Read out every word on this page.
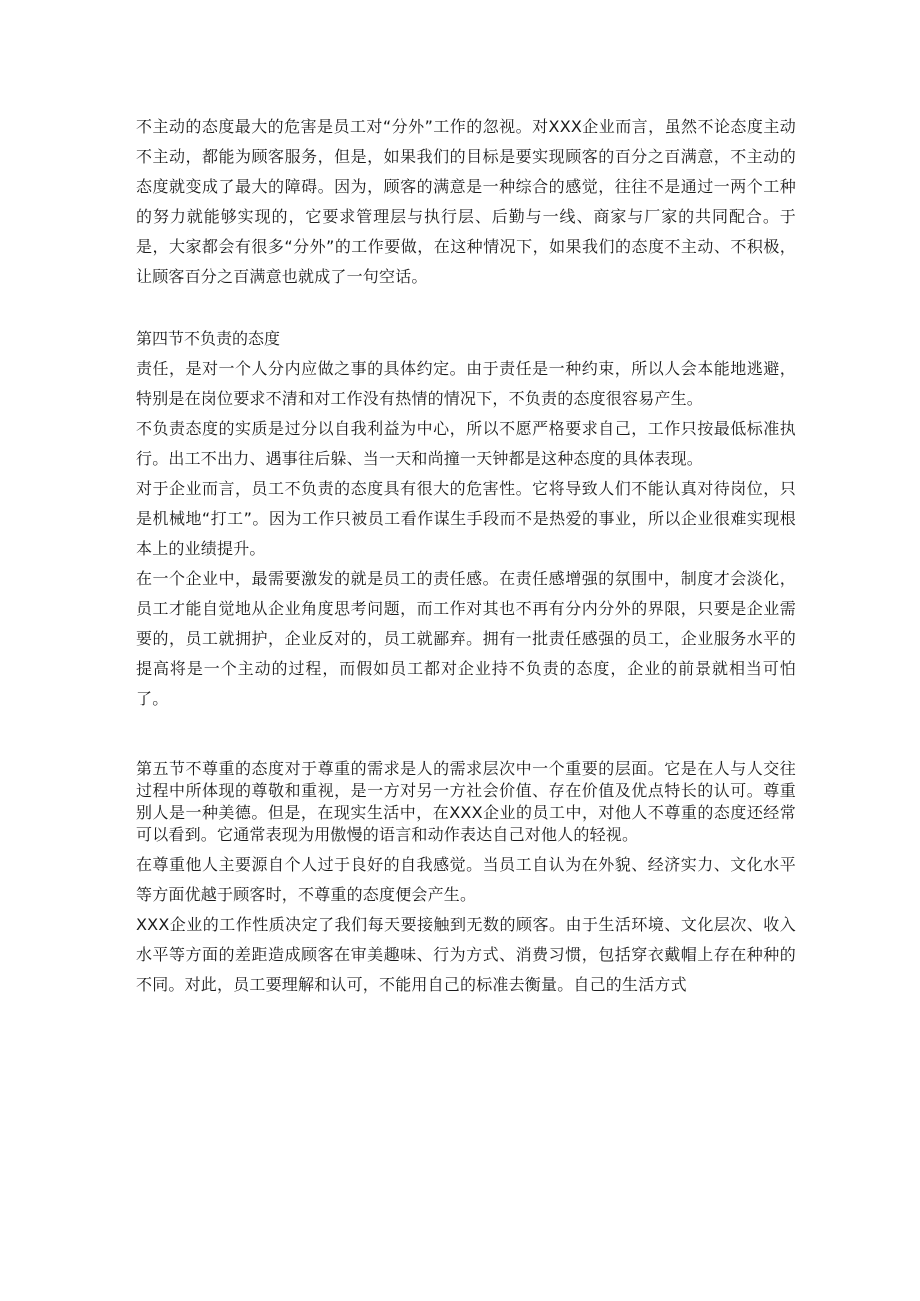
不主动的态度最大的危害是员工对“分外”工作的忽视。对XXX企业而言，虽然不论态度主动不主动，都能为顾客服务，但是，如果我们的目标是要实现顾客的百分之百满意，不主动的态度就变成了最大的障碍。因为，顾客的满意是一种综合的感觉，往往不是通过一两个工种的努力就能够实现的，它要求管理层与执行层、后勤与一线、商家与厂家的共同配合。于是，大家都会有很多“分外”的工作要做，在这种情况下，如果我们的态度不主动、不积极，让顾客百分之百满意也就成了一句空话。

第四节不负责的态度

责任，是对一个人分内应做之事的具体约定。由于责任是一种约束，所以人会本能地逃避，特别是在岗位要求不清和对工作没有热情的情况下，不负责的态度很容易产生。

不负责态度的实质是过分以自我利益为中心，所以不愿严格要求自己，工作只按最低标准执行。出工不出力、遇事往后躲、当一天和尚撞一天钟都是这种态度的具体表现。

对于企业而言，员工不负责的态度具有很大的危害性。它将导致人们不能认真对待岗位，只是机械地“打工”。因为工作只被员工看作谋生手段而不是热爱的事业，所以企业很难实现根本上的业绩提升。

在一个企业中，最需要激发的就是员工的责任感。在责任感增强的氛围中，制度才会淡化，员工才能自觉地从企业角度思考问题，而工作对其也不再有分内分外的界限，只要是企业需要的，员工就拥护，企业反对的，员工就鄙弃。拥有一批责任感强的员工，企业服务水平的提高将是一个主动的过程，而假如员工都对企业持不负责的态度，企业的前景就相当可怕了。

第五节不尊重的态度对于尊重的需求是人的需求层次中一个重要的层面。它是在人与人交往过程中所体现的尊敬和重视，是一方对另一方社会价值、存在价值及优点特长的认可。尊重别人是一种美德。但是，在现实生活中，在XXX企业的员工中，对他人不尊重的态度还经常可以看到。它通常表现为用傲慢的语言和动作表达自己对他人的轻视。

在尊重他人主要源自个人过于良好的自我感觉。当员工自认为在外貌、经济实力、文化水平等方面优越于顾客时，不尊重的态度便会产生。

XXX企业的工作性质决定了我们每天要接触到无数的顾客。由于生活环境、文化层次、收入水平等方面的差距造成顾客在审美趣味、行为方式、消费习惯，包括穿衣戴帽上存在种种的不同。对此，员工要理解和认可，不能用自己的标准去衡量。自己的生活方式
